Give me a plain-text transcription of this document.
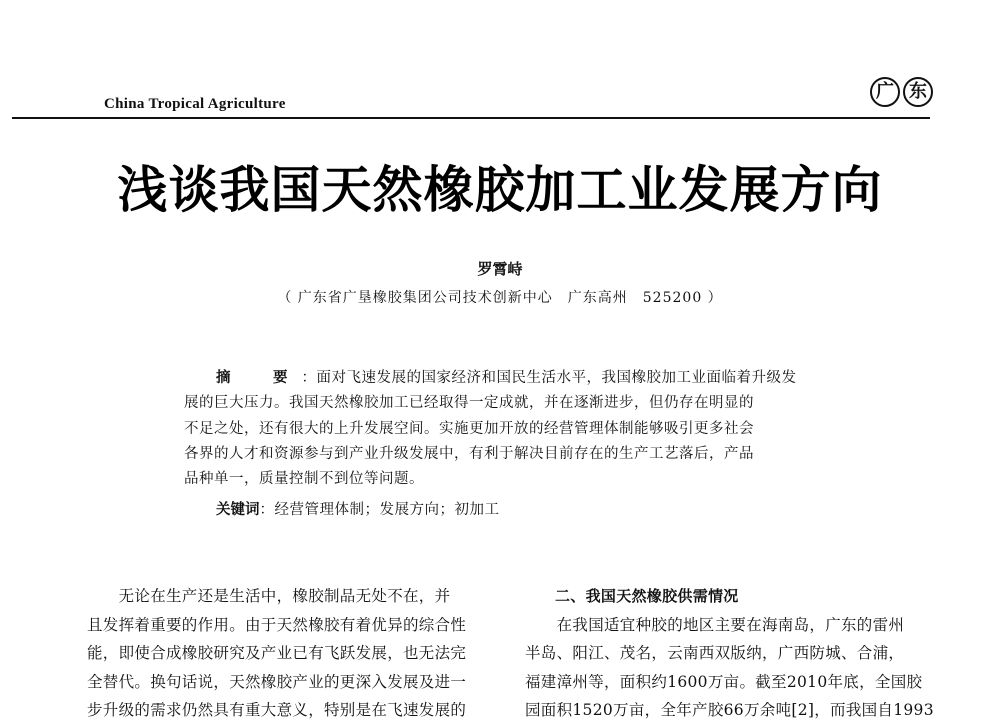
China Tropical Agriculture
广 东
浅谈我国天然橡胶加工业发展方向
罗霄峙
（ 广东省广垦橡胶集团公司技术创新中心　广东高州　525200 ）
摘　要：面对飞速发展的国家经济和国民生活水平，我国橡胶加工业面临着升级发
展的巨大压力。我国天然橡胶加工已经取得一定成就，并在逐渐进步，但仍存在明显的
不足之处，还有很大的上升发展空间。实施更加开放的经营管理体制能够吸引更多社会
各界的人才和资源参与到产业升级发展中，有利于解决目前存在的生产工艺落后，产品
品种单一，质量控制不到位等问题。
关键词：经营管理体制；发展方向；初加工
　　无论在生产还是生活中，橡胶制品无处不在，并
且发挥着重要的作用。由于天然橡胶有着优异的综合性
能，即使合成橡胶研究及产业已有飞跃发展，也无法完
全替代。换句话说，天然橡胶产业的更深入发展及进一
步升级的需求仍然具有重大意义，特别是在飞速发展的
二、我国天然橡胶供需情况
　　在我国适宜种胶的地区主要在海南岛，广东的雷州
半岛、阳江、茂名，云南西双版纳，广西防城、合浦，
福建漳州等，面积约1600万亩。截至2010年底，全国胶
园面积1520万亩，全年产胶66万余吨[2]，而我国自1993
